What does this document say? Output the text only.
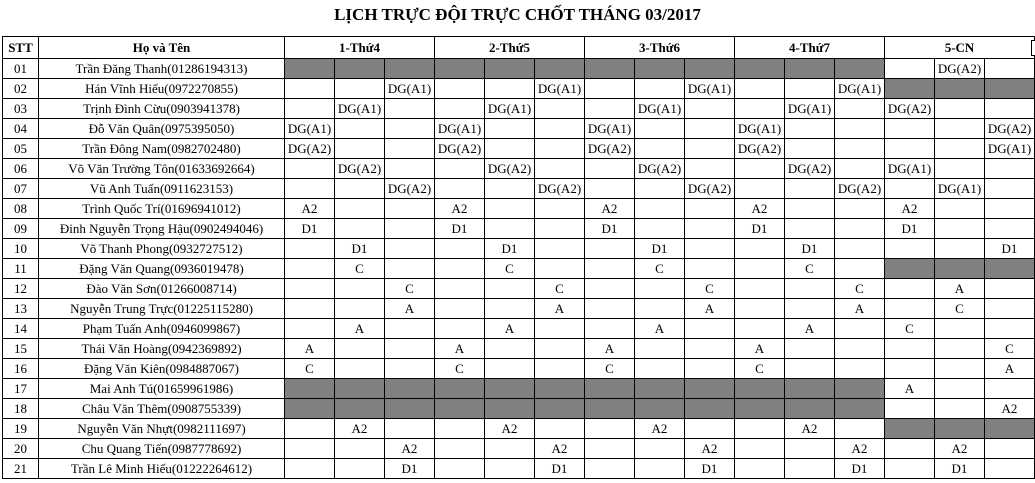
LỊCH TRỰC ĐỘI TRỰC CHỐT THÁNG 03/2017
STT	Họ và Tên	1-Thứ4			2-Thứ5			3-Thứ6			4-Thứ7			5-CN		
01	Trần Đăng Thanh(01286194313)														DG(A2)	
02	Hán Vĩnh Hiếu(0972270855)			DG(A1)			DG(A1)			DG(A1)			DG(A1)			
03	Trịnh Đình Cừu(0903941378)		DG(A1)			DG(A1)			DG(A1)			DG(A1)		DG(A2)		
04	Đỗ Văn Quân(0975395050)	DG(A1)			DG(A1)			DG(A1)			DG(A1)					DG(A2)
05	Trần Đông Nam(0982702480)	DG(A2)			DG(A2)			DG(A2)			DG(A2)					DG(A1)
06	Võ Văn Trường Tôn(01633692664)		DG(A2)			DG(A2)			DG(A2)			DG(A2)		DG(A1)		
07	Vũ Anh Tuấn(0911623153)			DG(A2)			DG(A2)			DG(A2)			DG(A2)		DG(A1)	
08	Trình Quốc Trí(01696941012)	A2			A2			A2			A2			A2		
09	Đinh Nguyễn Trọng Hậu(0902494046)	D1			D1			D1			D1			D1		
10	Võ Thanh Phong(0932727512)		D1			D1			D1			D1				D1
11	Đặng Văn Quang(0936019478)		C			C			C			C				
12	Đào Văn Sơn(01266008714)			C			C			C			C		A	
13	Nguyễn Trung Trực(01225115280)			A			A			A			A		C	
14	Phạm Tuấn Anh(0946099867)		A			A			A			A		C		
15	Thái Văn Hoàng(0942369892)	A			A			A			A					C
16	Đặng Văn Kiên(0984887067)	C			C			C			C					A
17	Mai Anh Tú(01659961986)													A		
18	Châu Văn Thêm(0908755339)															A2
19	Nguyễn Văn Nhựt(0982111697)		A2			A2			A2			A2				
20	Chu Quang Tiến(0987778692)			A2			A2			A2			A2		A2	
21	Trần Lê Minh Hiếu(01222264612)			D1			D1			D1			D1		D1	
